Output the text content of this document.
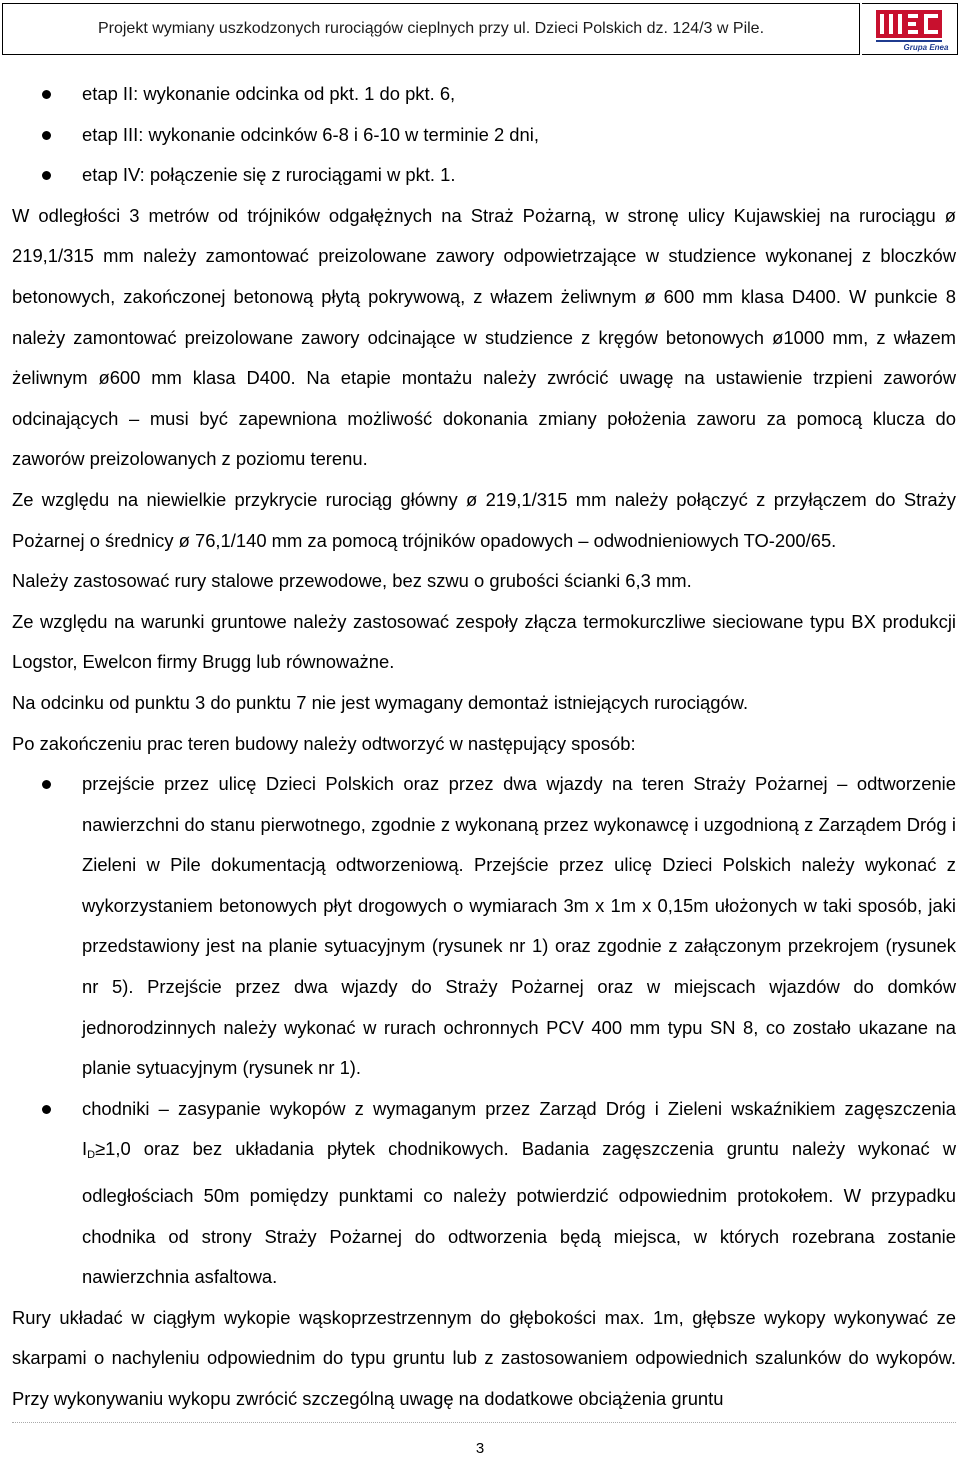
Projekt wymiany uszkodzonych rurociągów cieplnych przy ul. Dzieci Polskich dz. 124/3 w Pile.
Grupa Enea
etap II: wykonanie odcinka od pkt. 1 do pkt. 6,
etap III: wykonanie odcinków 6-8 i 6-10 w terminie 2 dni,
etap IV: połączenie się z rurociągami w pkt. 1.

W odległości 3 metrów od trójników odgałężnych na Straż Pożarną, w stronę ulicy Kujawskiej na rurociągu ø 219,1/315 mm należy zamontować preizolowane zawory odpowietrzające w studzience wykonanej z bloczków betonowych, zakończonej betonową płytą pokrywową, z włazem żeliwnym ø 600 mm klasa D400. W punkcie 8 należy zamontować preizolowane zawory odcinające w studzience z kręgów betonowych ø1000 mm, z włazem żeliwnym ø600 mm klasa D400. Na etapie montażu należy zwrócić uwagę na ustawienie trzpieni zaworów odcinających – musi być zapewniona możliwość dokonania zmiany położenia zaworu za pomocą klucza do zaworów preizolowanych z poziomu terenu.

Ze względu na niewielkie przykrycie rurociąg główny ø 219,1/315 mm należy połączyć z przyłączem do Straży Pożarnej o średnicy ø 76,1/140 mm za pomocą trójników opadowych – odwodnieniowych TO-200/65.

Należy zastosować rury stalowe przewodowe, bez szwu o grubości ścianki 6,3 mm.

Ze względu na warunki gruntowe należy zastosować zespoły złącza termokurczliwe sieciowane typu BX produkcji Logstor, Ewelcon firmy Brugg lub równoważne.

Na odcinku od punktu 3 do punktu 7 nie jest wymagany demontaż istniejących rurociągów.

Po zakończeniu prac teren budowy należy odtworzyć w następujący sposób:

przejście przez ulicę Dzieci Polskich oraz przez dwa wjazdy na teren Straży Pożarnej – odtworzenie nawierzchni do stanu pierwotnego, zgodnie z wykonaną przez wykonawcę i uzgodnioną z Zarządem Dróg i Zieleni w Pile dokumentacją odtworzeniową. Przejście przez ulicę Dzieci Polskich należy wykonać z wykorzystaniem betonowych płyt drogowych o wymiarach 3m x 1m x 0,15m ułożonych w taki sposób, jaki przedstawiony jest na planie sytuacyjnym (rysunek nr 1) oraz zgodnie z załączonym przekrojem (rysunek nr 5). Przejście przez dwa wjazdy do Straży Pożarnej oraz w miejscach wjazdów do domków jednorodzinnych należy wykonać w rurach ochronnych PCV 400 mm typu SN 8, co zostało ukazane na planie sytuacyjnym (rysunek nr 1).
chodniki – zasypanie wykopów z wymaganym przez Zarząd Dróg i Zieleni wskaźnikiem zagęszczenia $I_D\ge 1,0$ oraz bez układania płytek chodnikowych. Badania zagęszczenia gruntu należy wykonać w odległościach 50m pomiędzy punktami co należy potwierdzić odpowiednim protokołem. W przypadku chodnika od strony Straży Pożarnej do odtworzenia będą miejsca, w których rozebrana zostanie nawierzchnia asfaltowa.

Rury układać w ciągłym wykopie wąskoprzestrzennym do głębokości max. 1m, głębsze wykopy wykonywać ze skarpami o nachyleniu odpowiednim do typu gruntu lub z zastosowaniem odpowiednich szalunków do wykopów. Przy wykonywaniu wykopu zwrócić szczególną uwagę na dodatkowe obciążenia gruntu

3
